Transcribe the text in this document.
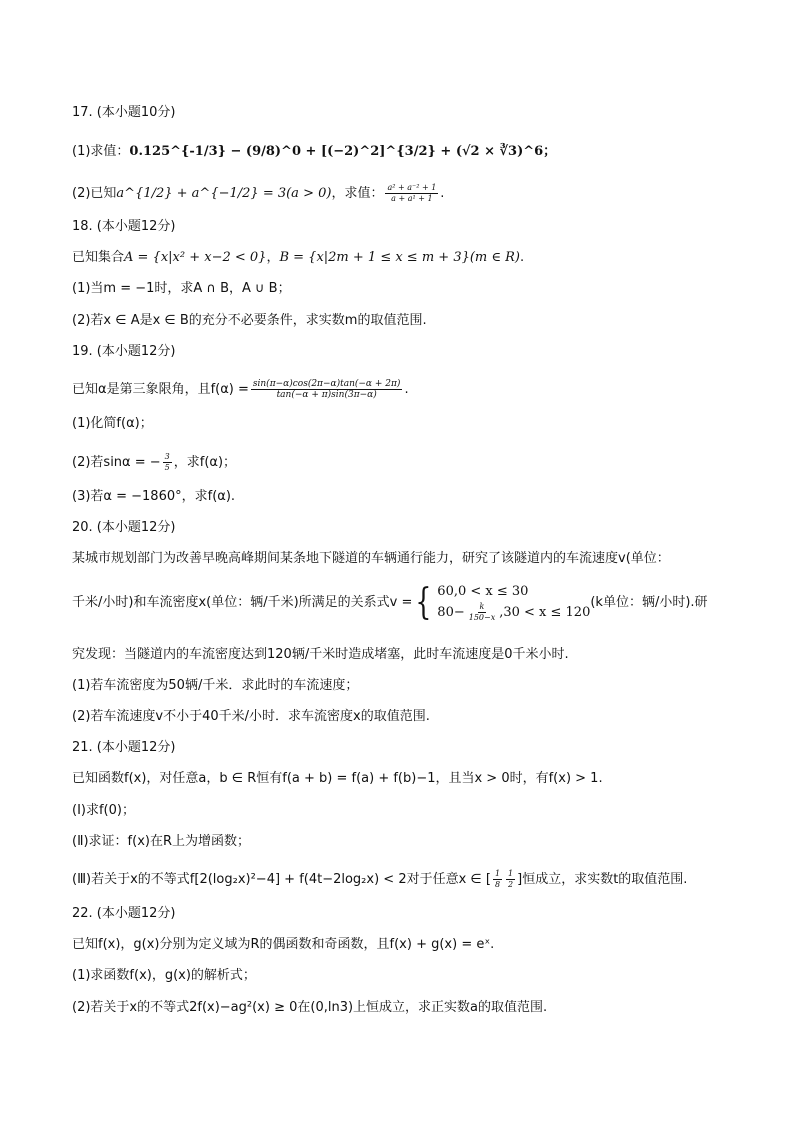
17. (本小题10分)
(1)求值：0.125^{-1/3} − (9/8)^0 + [(−2)^2]^{3/2} + (√2 × ∛3)^6；
(2)已知a^{1/2} + a^{−1/2} = 3(a > 0)，求值： $\frac{\text{a² + a⁻² + 1}}{\text{a + a¹ + 1}}$ .
18. (本小题12分)
已知集合A = {x|x² + x−2 < 0}，B = {x|2m + 1 ≤ x ≤ m + 3}(m ∈ R).
(1)当m = −1时，求A ∩ B，A ∪ B；
(2)若x ∈ A是x ∈ B的充分不必要条件，求实数m的取值范围.
19. (本小题12分)
已知α是第三象限角，且$f(\alpha) = \frac{\sin(\pi-\alpha)\cos(2\pi-\alpha)\tan(-\alpha + 2\pi)}{\tan(-\alpha + \pi)\sin(3\pi-\alpha)}$ .
(1)化简f(α)；
(2)若sinα = − $\frac{3}{5}$ ，求f(α)；
(3)若α = −1860°，求f(α).
20. (本小题12分)
某城市规划部门为改善早晚高峰期间某条地下隧道的车辆通行能力，研究了该隧道内的车流速度v(单位：
千米/小时)和车流密度x(单位：辆/千米)所满足的关系式v = { 60,0 < x ≤ 30
$80- \frac{k}{150-x} ,30 < x \le 120$
(k单位：辆/小时).研
究发现：当隧道内的车流密度达到120辆/千米时造成堵塞，此时车流速度是0千米小时.
(1)若车流密度为50辆/千米．求此时的车流速度；
(2)若车流速度v不小于40千米/小时．求车流密度x的取值范围.
21. (本小题12分)
已知函数f(x)，对任意a，b ∈ R恒有f(a + b) = f(a) + f(b)−1，且当x > 0时，有f(x) > 1.
(Ⅰ)求f(0)；
(Ⅱ)求证：f(x)在R上为增函数；
(Ⅲ)若关于x的不等式f[2(log₂x)²−4] + f(4t−2log₂x) < 2对于任意x ∈ [ $\frac{1}{8} \frac{1}{2}$ ]恒成立，求实数t的取值范围.
22. (本小题12分)
已知f(x)，g(x)分别为定义域为R的偶函数和奇函数，且f(x) + g(x) = eˣ.
(1)求函数f(x)，g(x)的解析式；
(2)若关于x的不等式2f(x)−ag²(x) ≥ 0在(0,ln3)上恒成立，求正实数a的取值范围.
